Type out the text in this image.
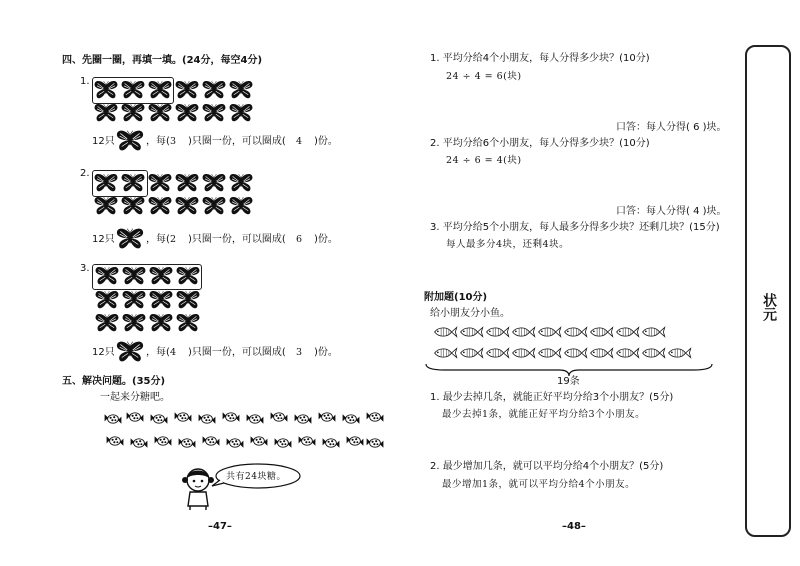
四、先圈一圈，再填一填。(24分，每空4分)
1.
12只	，每( 3 )只圈一份，可以圈成( 4 )份。
2.
12只	，每( 2 )只圈一份，可以圈成( 6 )份。
3.
12只	，每( 4 )只圈一份，可以圈成( 3 )份。
五、解决问题。(35分)
一起来分糖吧。
共有24块糖。
–47–
1. 平均分给4个小朋友，每人分得多少块？(10分)
24 ÷ 4 = 6(块)
口答：每人分得( 6 )块。
2. 平均分给6个小朋友，每人分得多少块？(10分)
24 ÷ 6 = 4(块)
口答：每人分得( 4 )块。
3. 平均分给5个小朋友，每人最多分得多少块？还剩几块？(15分)
每人最多分4块，还剩4块。
附加题(10分)
给小朋友分小鱼。
19条
1. 最少去掉几条，就能正好平均分给3个小朋友？(5分)
最少去掉1条，就能正好平均分给3个小朋友。
2. 最少增加几条，就可以平均分给4个小朋友？(5分)
最少增加1条，就可以平均分给4个小朋友。
–48–
状元
